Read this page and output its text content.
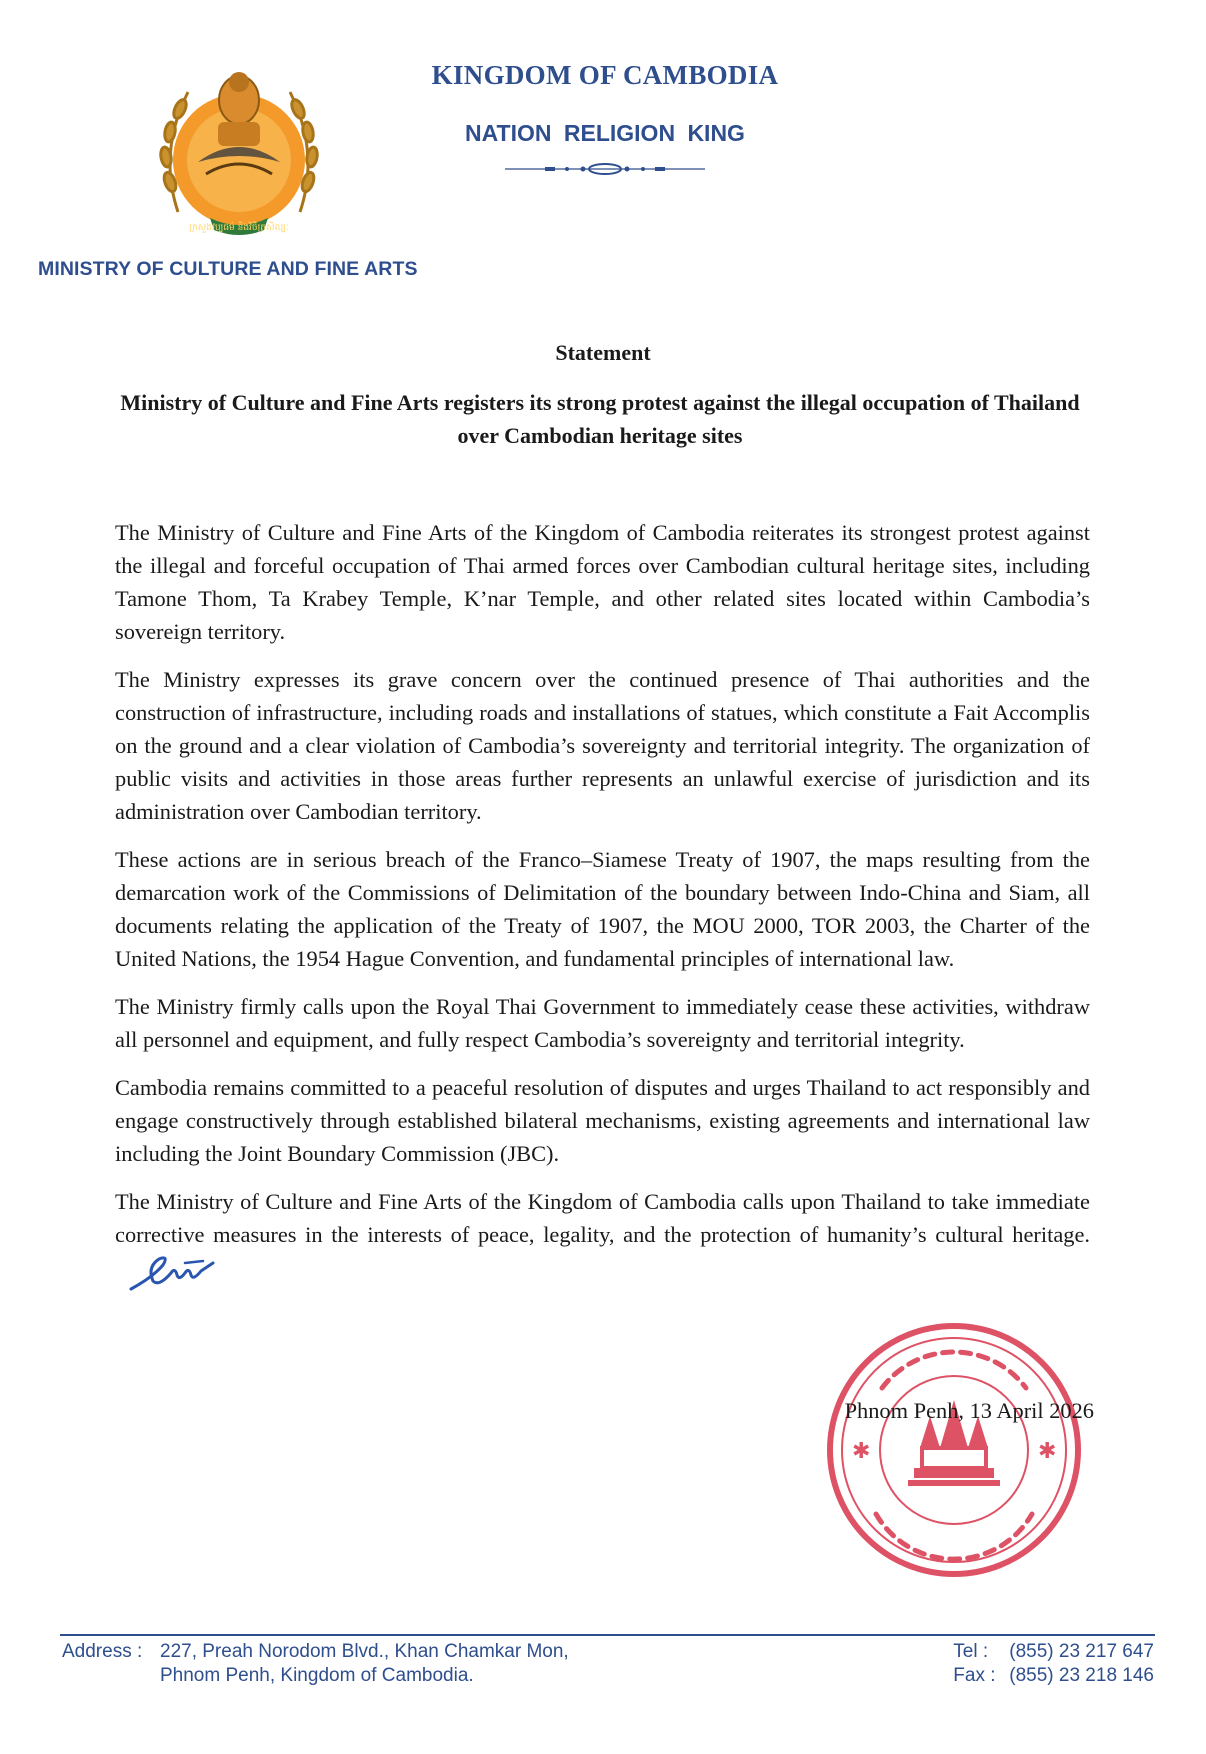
ក្រសួងវប្បធម៌ និងវិចិត្រសិល្បៈ
KINGDOM OF CAMBODIA
NATION RELIGION KING
MINISTRY OF CULTURE AND FINE ARTS
Statement
Ministry of Culture and Fine Arts registers its strong protest against the illegal occupation of Thailand over Cambodian heritage sites

The Ministry of Culture and Fine Arts of the Kingdom of Cambodia reiterates its strongest protest against the illegal and forceful occupation of Thai armed forces over Cambodian cultural heritage sites, including Tamone Thom, Ta Krabey Temple, K’nar Temple, and other related sites located within Cambodia’s sovereign territory.

The Ministry expresses its grave concern over the continued presence of Thai authorities and the construction of infrastructure, including roads and installations of statues, which constitute a Fait Accomplis on the ground and a clear violation of Cambodia’s sovereignty and territorial integrity. The organization of public visits and activities in those areas further represents an unlawful exercise of jurisdiction and its administration over Cambodian territory.

These actions are in serious breach of the Franco–Siamese Treaty of 1907, the maps resulting from the demarcation work of the Commissions of Delimitation of the boundary between Indo-China and Siam, all documents relating the application of the Treaty of 1907, the MOU 2000, TOR 2003, the Charter of the United Nations, the 1954 Hague Convention, and fundamental principles of international law.

The Ministry firmly calls upon the Royal Thai Government to immediately cease these activities, withdraw all personnel and equipment, and fully respect Cambodia’s sovereignty and territorial integrity.

Cambodia remains committed to a peaceful resolution of disputes and urges Thailand to act responsibly and engage constructively through established bilateral mechanisms, existing agreements and international law including the Joint Boundary Commission (JBC).

The Ministry of Culture and Fine Arts of the Kingdom of Cambodia calls upon Thailand to take immediate corrective measures in the interests of peace, legality, and the protection of humanity’s cultural heritage.

✱	✱
Phnom Penh, 13 April 2026
Address : 227, Preah Norodom Blvd., Khan Chamkar Mon,
Phnom Penh, Kingdom of Cambodia.
Tel : (855) 23 217 647
Fax : (855) 23 218 146
